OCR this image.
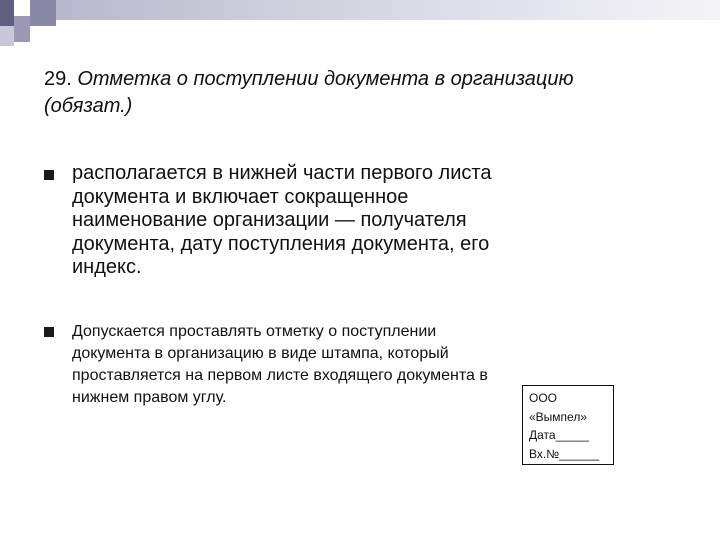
29. Отметка о поступлении документа в организацию (обязат.)
располагается в нижней части первого листа документа и включает сокращенное наименование организации — получателя документа, дату поступления документа, его индекс.
Допускается проставлять отметку о поступлении документа в организацию в виде штампа, который проставляется на первом листе входящего документа в нижнем правом углу.	ООО
«Вымпел»
Дата_____
Вх.№______
